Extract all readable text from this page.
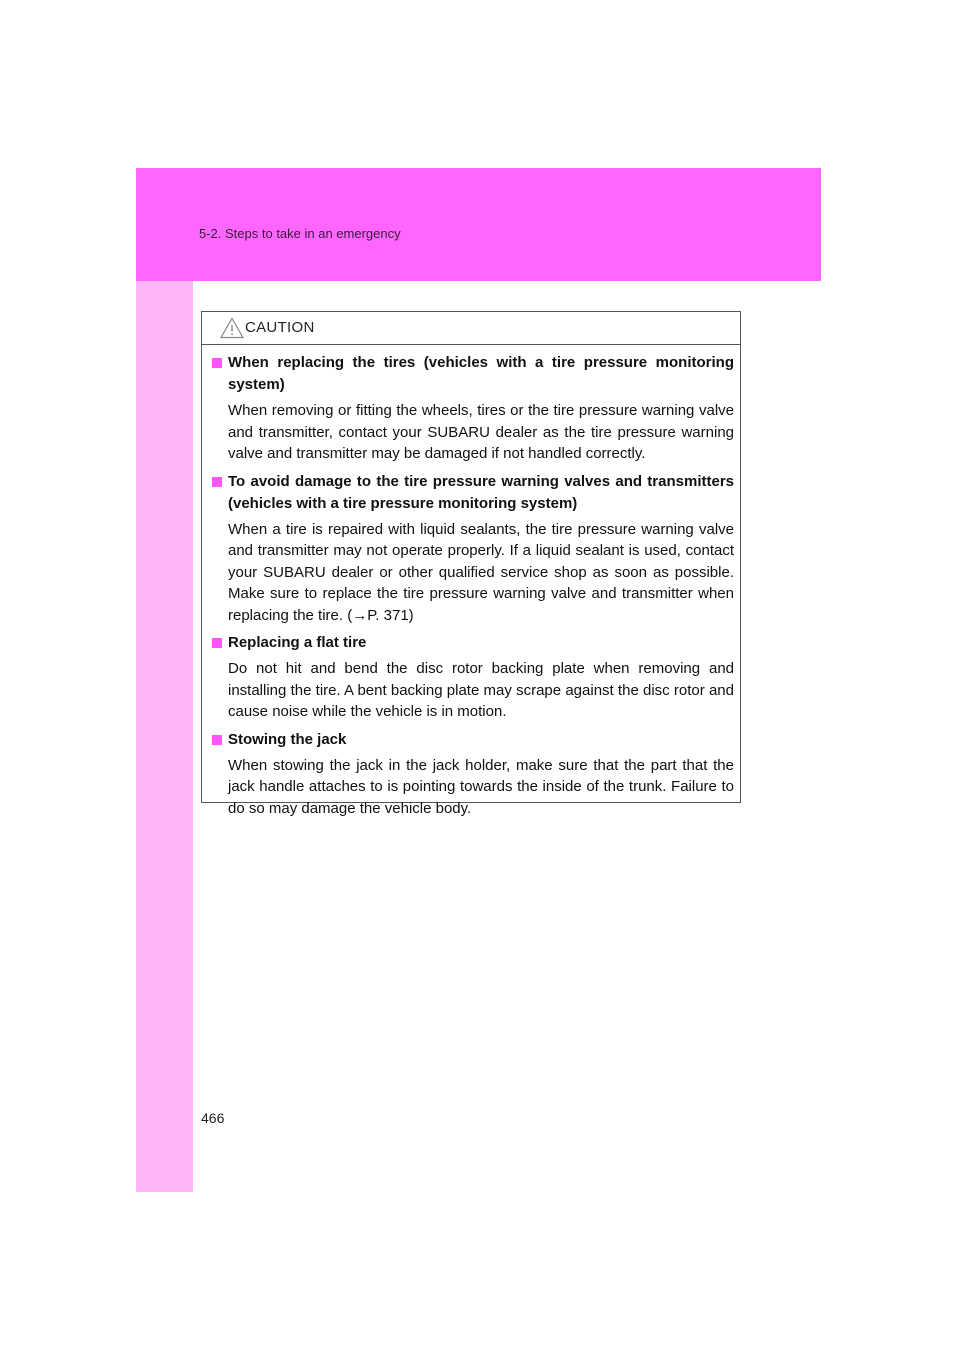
5-2. Steps to take in an emergency
CAUTION

When replacing the tires (vehicles with a tire pressure monitoring system)

When removing or fitting the wheels, tires or the tire pressure warning valve and transmitter, contact your SUBARU dealer as the tire pressure warning valve and transmitter may be damaged if not handled correctly.

To avoid damage to the tire pressure warning valves and transmitters (vehicles with a tire pressure monitoring system)

When a tire is repaired with liquid sealants, the tire pressure warning valve and transmitter may not operate properly. If a liquid sealant is used, contact your SUBARU dealer or other qualified service shop as soon as possible. Make sure to replace the tire pressure warning valve and transmitter when replacing the tire. (→P. 371)

Replacing a flat tire

Do not hit and bend the disc rotor backing plate when removing and installing the tire. A bent backing plate may scrape against the disc rotor and cause noise while the vehicle is in motion.

Stowing the jack

When stowing the jack in the jack holder, make sure that the part that the jack handle attaches to is pointing towards the inside of the trunk. Failure to do so may damage the vehicle body.

466
